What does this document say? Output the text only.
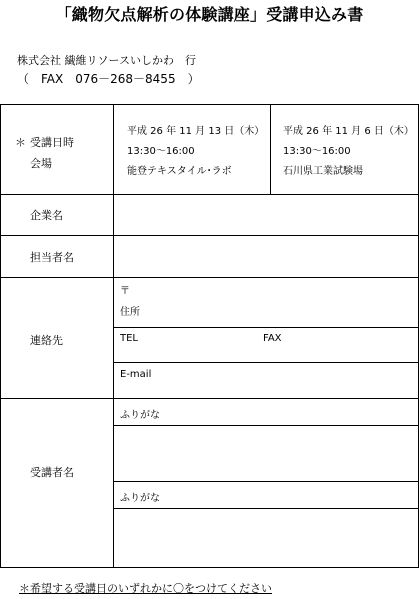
「織物欠点解析の体験講座」受講申込み書
株式会社 繊維リソースいしかわ　行
（　FAX　076－268－8455　）
＊ 受講日時
会場
平成 26 年 11 月 13 日（木）
13:30～16:00
能登テキスタイル･ラボ
平成 26 年 11 月 6 日（木）
13:30～16:00
石川県工業試験場
企業名
担当者名
連絡先
〒
住所
TEL	FAX
E-mail
受講者名
ふりがな
ふりがな
＊希望する受講日のいずれかに〇をつけてください
